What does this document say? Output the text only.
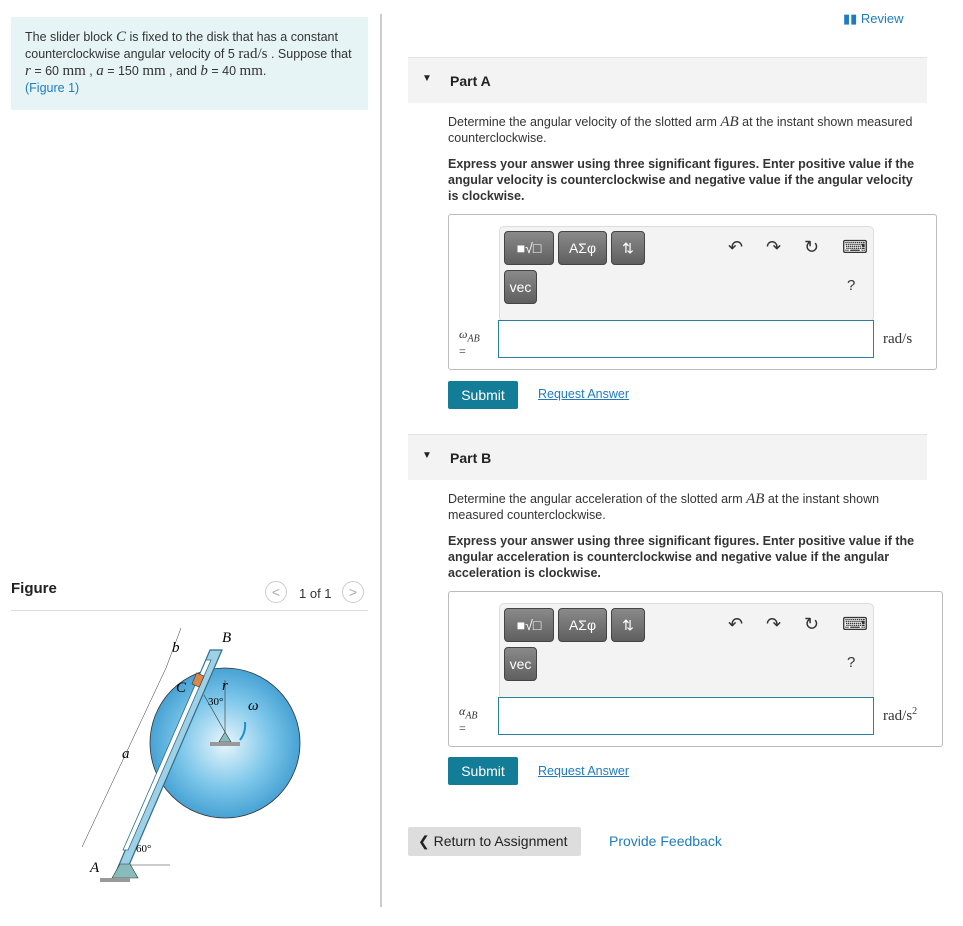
The slider block C is fixed to the disk that has a constant counterclockwise angular velocity of 5 rad/s . Suppose that r = 60 mm , a = 150 mm , and b = 40 mm.
(Figure 1)
Figure	<	1 of 1	>
A
B
C
a
b
r
ω
30°
60°
▮▮ Review
▼ Part A
Determine the angular velocity of the slotted arm AB at the instant shown measured counterclockwise.
Express your answer using three significant figures. Enter positive value if the angular velocity is counterclockwise and negative value if the angular velocity is clockwise.
■√□	ΑΣφ	⇅
vec
↶ ↷ ↻ ⌨
?
$\omega_{AB}$
=
rad/s
Submit	Request Answer
▼ Part B
Determine the angular acceleration of the slotted arm AB at the instant shown measured counterclockwise.
Express your answer using three significant figures. Enter positive value if the angular acceleration is counterclockwise and negative value if the angular acceleration is clockwise.
■√□	ΑΣφ	⇅
vec
↶ ↷ ↻ ⌨
?
$\alpha_{AB}$
=
rad/$s^2$
Submit	Request Answer
❮ Return to Assignment	Provide Feedback
